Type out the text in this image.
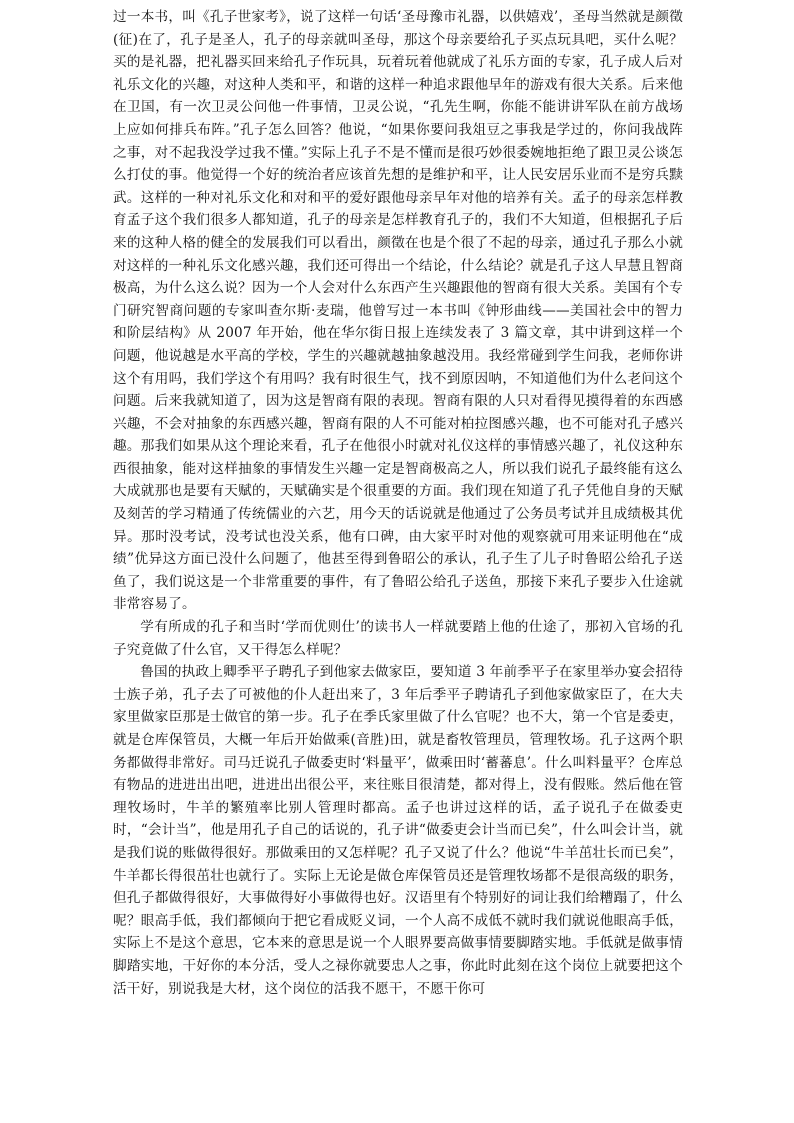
过一本书，叫《孔子世家考》，说了这样一句话‘圣母豫市礼器，以供嬉戏’，圣母当然就是颜徵(征)在了，孔子是圣人，孔子的母亲就叫圣母，那这个母亲要给孔子买点玩具吧，买什么呢？买的是礼器，把礼器买回来给孔子作玩具，玩着玩着他就成了礼乐方面的专家，孔子成人后对礼乐文化的兴趣，对这种人类和平，和谐的这样一种追求跟他早年的游戏有很大关系。后来他在卫国，有一次卫灵公问他一件事情，卫灵公说，“孔先生啊，你能不能讲讲军队在前方战场上应如何排兵布阵。”孔子怎么回答？他说，“如果你要问我俎豆之事我是学过的，你问我战阵之事，对不起我没学过我不懂。”实际上孔子不是不懂而是很巧妙很委婉地拒绝了跟卫灵公谈怎么打仗的事。他觉得一个好的统治者应该首先想的是维护和平，让人民安居乐业而不是穷兵黩武。这样的一种对礼乐文化和对和平的爱好跟他母亲早年对他的培养有关。孟子的母亲怎样教育孟子这个我们很多人都知道，孔子的母亲是怎样教育孔子的，我们不大知道，但根据孔子后来的这种人格的健全的发展我们可以看出，颜徵在也是个很了不起的母亲，通过孔子那么小就对这样的一种礼乐文化感兴趣，我们还可得出一个结论，什么结论？就是孔子这人早慧且智商极高，为什么这么说？因为一个人会对什么东西产生兴趣跟他的智商有很大关系。美国有个专门研究智商问题的专家叫查尔斯·麦瑞，他曾写过一本书叫《钟形曲线——美国社会中的智力和阶层结构》从 2007 年开始，他在华尔街日报上连续发表了 3 篇文章，其中讲到这样一个问题，他说越是水平高的学校，学生的兴趣就越抽象越没用。我经常碰到学生问我，老师你讲这个有用吗，我们学这个有用吗？我有时很生气，找不到原因呐，不知道他们为什么老问这个问题。后来我就知道了，因为这是智商有限的表现。智商有限的人只对看得见摸得着的东西感兴趣，不会对抽象的东西感兴趣，智商有限的人不可能对柏拉图感兴趣，也不可能对孔子感兴趣。那我们如果从这个理论来看，孔子在他很小时就对礼仪这样的事情感兴趣了，礼仪这种东西很抽象，能对这样抽象的事情发生兴趣一定是智商极高之人，所以我们说孔子最终能有这么大成就那也是要有天赋的，天赋确实是个很重要的方面。我们现在知道了孔子凭他自身的天赋及刻苦的学习精通了传统儒业的六艺，用今天的话说就是他通过了公务员考试并且成绩极其优异。那时没考试，没考试也没关系，他有口碑，由大家平时对他的观察就可用来证明他在“成绩”优异这方面已没什么问题了，他甚至得到鲁昭公的承认，孔子生了儿子时鲁昭公给孔子送鱼了，我们说这是一个非常重要的事件，有了鲁昭公给孔子送鱼，那接下来孔子要步入仕途就非常容易了。

学有所成的孔子和当时‘学而优则仕’的读书人一样就要踏上他的仕途了，那初入官场的孔子究竟做了什么官，又干得怎么样呢？

鲁国的执政上卿季平子聘孔子到他家去做家臣，要知道 3 年前季平子在家里举办宴会招待士族子弟，孔子去了可被他的仆人赶出来了，3 年后季平子聘请孔子到他家做家臣了，在大夫家里做家臣那是士做官的第一步。孔子在季氏家里做了什么官呢？也不大，第一个官是委吏，就是仓库保管员，大概一年后开始做乘(音胜)田，就是畜牧管理员，管理牧场。孔子这两个职务都做得非常好。司马迁说孔子做委吏时‘料量平’，做乘田时‘蓄蕃息’。什么叫料量平？仓库总有物品的进进出出吧，进进出出很公平，来往账目很清楚，都对得上，没有假账。然后他在管理牧场时，牛羊的繁殖率比别人管理时都高。孟子也讲过这样的话，孟子说孔子在做委吏时，“会计当”，他是用孔子自己的话说的，孔子讲“做委吏会计当而已矣”，什么叫会计当，就是我们说的账做得很好。那做乘田的又怎样呢？孔子又说了什么？他说“牛羊茁壮长而已矣”，牛羊都长得很茁壮也就行了。实际上无论是做仓库保管员还是管理牧场都不是很高级的职务，但孔子都做得很好，大事做得好小事做得也好。汉语里有个特别好的词让我们给糟蹋了，什么呢？眼高手低，我们都倾向于把它看成贬义词，一个人高不成低不就时我们就说他眼高手低，实际上不是这个意思，它本来的意思是说一个人眼界要高做事情要脚踏实地。手低就是做事情脚踏实地，干好你的本分活，受人之禄你就要忠人之事，你此时此刻在这个岗位上就要把这个活干好，别说我是大材，这个岗位的活我不愿干，不愿干你可
